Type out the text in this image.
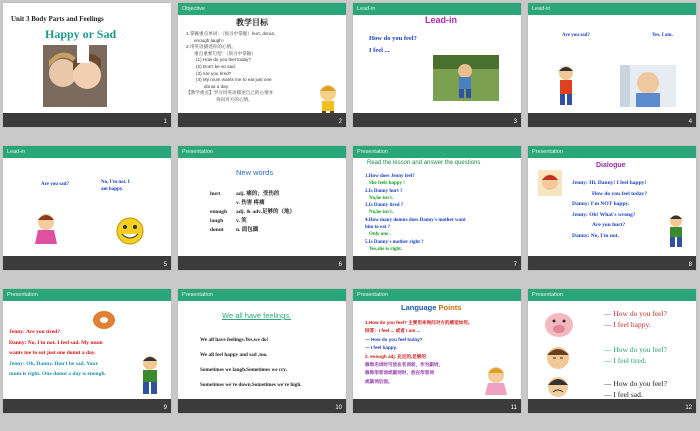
Unit 3 Body Parts and Feelings
Happy or Sad
1
Objective
教学目标
1.掌握重点单词：（预习中掌握）hurt, donut,
enough,laugh）
2.用英语描述你的心情。
重点重要句型：（预习中掌握）
(1) How do you feel today?
(2) Don't be so sad.
(3) Are you tired?
(4) My mum wants me to eat just one
donut a day.
【教学重点】学习用英语描述自己的心情并
询问对方的心情。
2
Lead-in
Lead-in
How do you feel?
I feel ...
3
Lead-in
Are you sad?	Yes, I am.
4
Lead-in
Are you sad?	No, I'm not. I
am happy.
5
Presentation
New words
hurt	adj. 痛的；受伤的
v. 伤害 疼痛
enough adj. & adv.足够的（地）
laugh v. 笑
donut n. 面包圈
6
Presentation
Read the lesson and answer the questions
1.How does Jenny feel?
She feels happy !
2.Is Danny hurt ?
No,he isn't.
3.Is Danny tired ?
No,he isn't.
4.How many donuts does Danny's mother want
him to eat ?
Only one .
5.Is Danny's mother right ?
Yes,she is right.
7
Presentation
Dialogue
Jenny: Hi, Danny! I feel happy!
How do you feel today?
Danny: I'm NOT happy.
Jenny: Oh! What's wrong?
Are you hurt?
Danny: No, I'm not.
8
Presentation
Jenny: Are you tired?
Danny: No, I'm not. I feel sad. My mum
wants me to eat just one donut a day.
Jenny: Oh, Danny. Don't be sad. Your
mum is right. One donut a day is enough.
9
Presentation
We all have feelings.
We all have feelings.Yes,we do!
We all feel happy and sad ,too.
Sometimes we laugh.Sometimes we cry.
Sometimes we're down.Sometimes we're high.
10
Presentation
Language Points
1.How do you feel? 主要用来询问对方的感觉如何。
回答：I feel ... 或者 I am ...
— How do you feel today?
— I feel happy.
2. enough adj. 充足的,足够的
修饰名词时可放在名词前，作为副词，
修饰形容词或副词时，放在形容词
或副词后面。
11
Presentation
— How do you feel?
— I feel happy.
— How do you feel?
— I feel tired.
— How do you feel?
— I feel sad.
12
